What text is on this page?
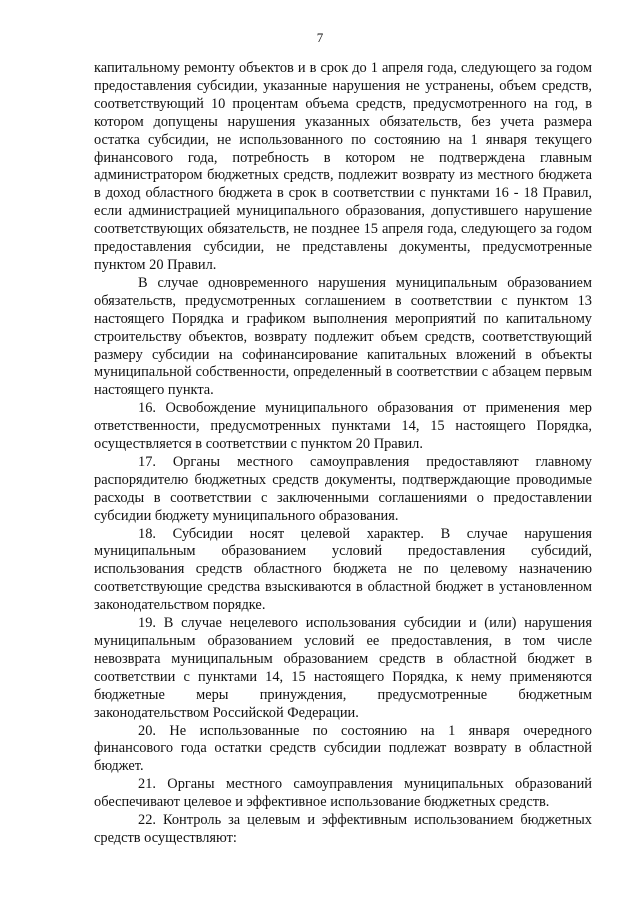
7

капитальному ремонту объектов и в срок до 1 апреля года, следующего за годом предоставления субсидии, указанные нарушения не устранены, объем средств, соответствующий 10 процентам объема средств, предусмотренного на год, в котором допущены нарушения указанных обязательств, без учета размера остатка субсидии, не использованного по состоянию на 1 января текущего финансового года, потребность в котором не подтверждена главным администратором бюджетных средств, подлежит возврату из местного бюджета в доход областного бюджета в срок в соответствии с пунктами 16 - 18 Правил, если администрацией муниципального образования, допустившего нарушение соответствующих обязательств, не позднее 15 апреля года, следующего за годом предоставления субсидии, не представлены документы, предусмотренные пунктом 20 Правил.

В случае одновременного нарушения муниципальным образованием обязательств, предусмотренных соглашением в соответствии с пунктом 13 настоящего Порядка и графиком выполнения мероприятий по капитальному строительству объектов, возврату подлежит объем средств, соответствующий размеру субсидии на софинансирование капитальных вложений в объекты муниципальной собственности, определенный в соответствии с абзацем первым настоящего пункта.

16. Освобождение муниципального образования от применения мер ответственности, предусмотренных пунктами 14, 15 настоящего Порядка, осуществляется в соответствии с пунктом 20 Правил.

17. Органы местного самоуправления предоставляют главному распорядителю бюджетных средств документы, подтверждающие проводимые расходы в соответствии с заключенными соглашениями о предоставлении субсидии бюджету муниципального образования.

18. Субсидии носят целевой характер. В случае нарушения муниципальным образованием условий предоставления субсидий, использования средств областного бюджета не по целевому назначению соответствующие средства взыскиваются в областной бюджет в установленном законодательством порядке.

19. В случае нецелевого использования субсидии и (или) нарушения муниципальным образованием условий ее предоставления, в том числе невозврата муниципальным образованием средств в областной бюджет в соответствии с пунктами 14, 15 настоящего Порядка, к нему применяются бюджетные меры принуждения, предусмотренные бюджетным законодательством Российской Федерации.

20. Не использованные по состоянию на 1 января очередного финансового года остатки средств субсидии подлежат возврату в областной бюджет.

21. Органы местного самоуправления муниципальных образований обеспечивают целевое и эффективное использование бюджетных средств.

22. Контроль за целевым и эффективным использованием бюджетных средств осуществляют:
